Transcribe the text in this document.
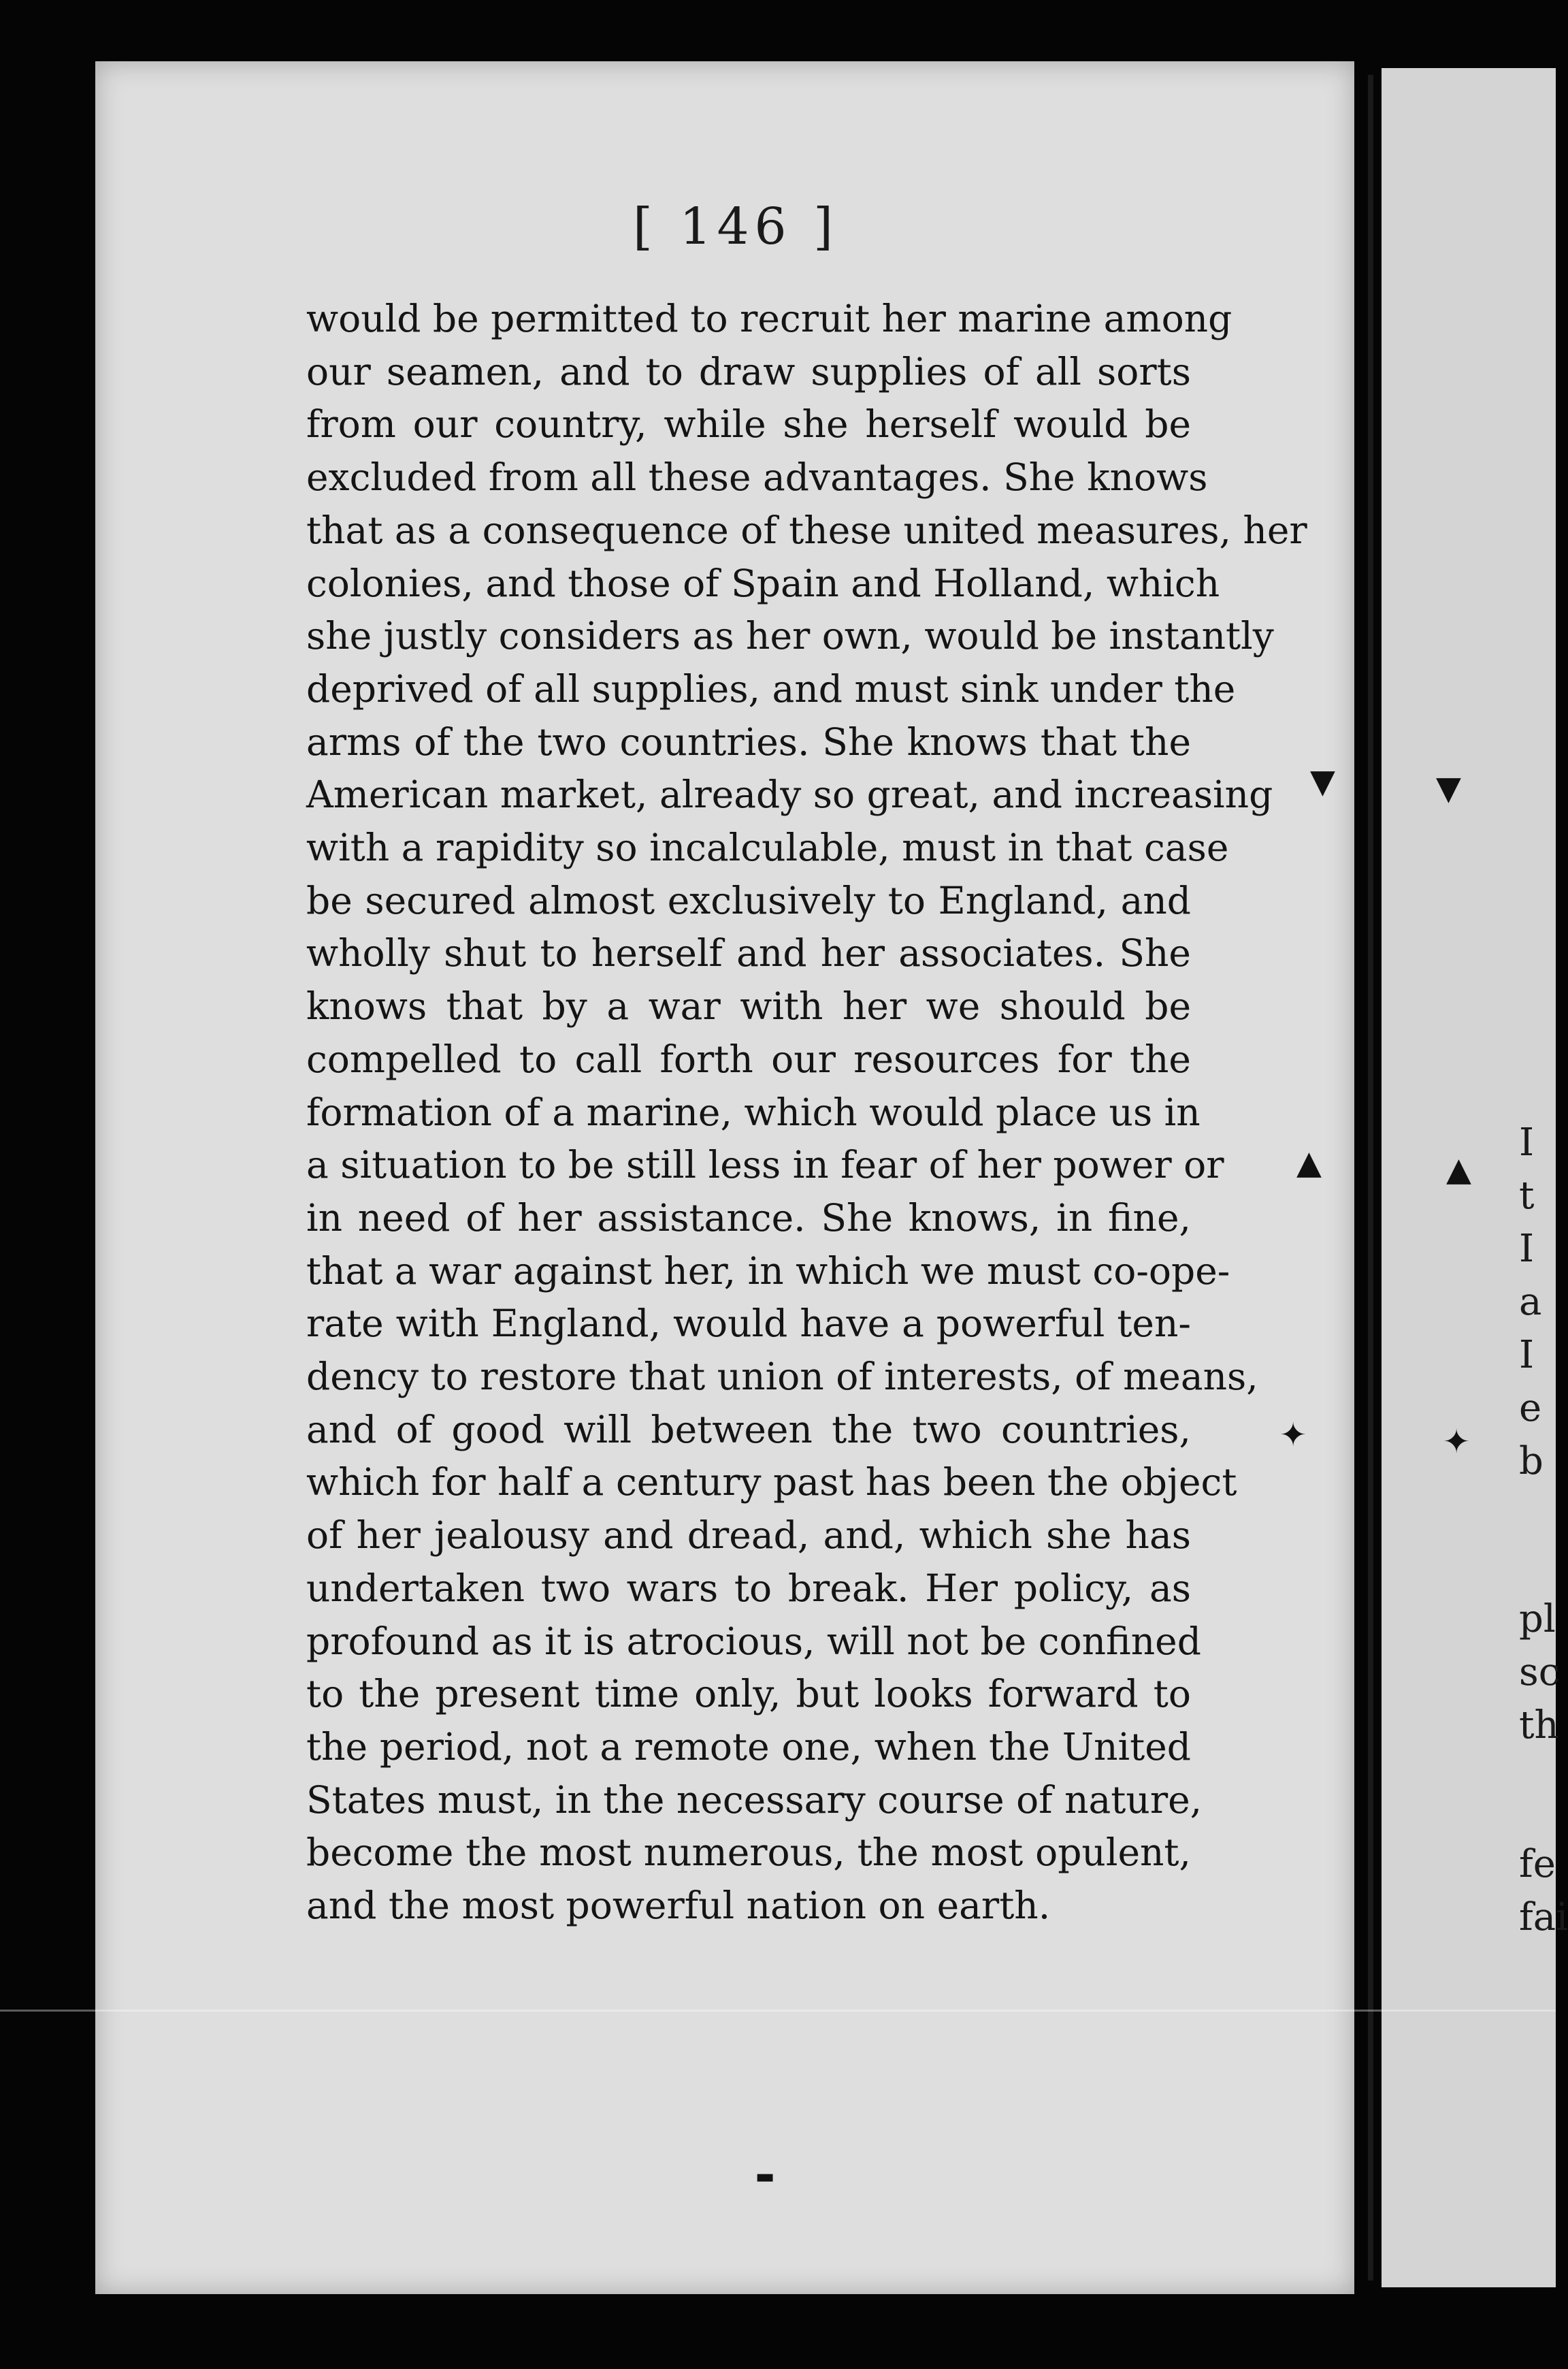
[ 146 ]
would be permitted to recruit her marine among
our seamen, and to draw supplies of all sorts
from our country, while she herself would be
excluded from all these advantages. She knows
that as a consequence of these united measures, her
colonies, and those of Spain and Holland, which
she justly considers as her own, would be instantly
deprived of all supplies, and must sink under the
arms of the two countries. She knows that the
American market, already so great, and increasing
with a rapidity so incalculable, must in that case
be secured almost exclusively to England, and
wholly shut to herself and her associates. She
knows that by a war with her we should be
compelled to call forth our resources for the
formation of a marine, which would place us in
a situation to be still less in fear of her power or
in need of her assistance. She knows, in fine,
that a war against her, in which we must co-ope-
rate with England, would have a powerful ten-
dency to restore that union of interests, of means,
and of good will between the two countries,
which for half a century past has been the object
of her jealousy and dread, and, which she has
undertaken two wars to break. Her policy, as
profound as it is atrocious, will not be confined
to the present time only, but looks forward to
the period, not a remote one, when the United
States must, in the necessary course of nature,
become the most numerous, the most opulent,
and the most powerful nation on earth.
I
t
I
a
I
e
b
pl
sc
th
fe
fai
▼	▼
▲	▲
✦	✦
▬
